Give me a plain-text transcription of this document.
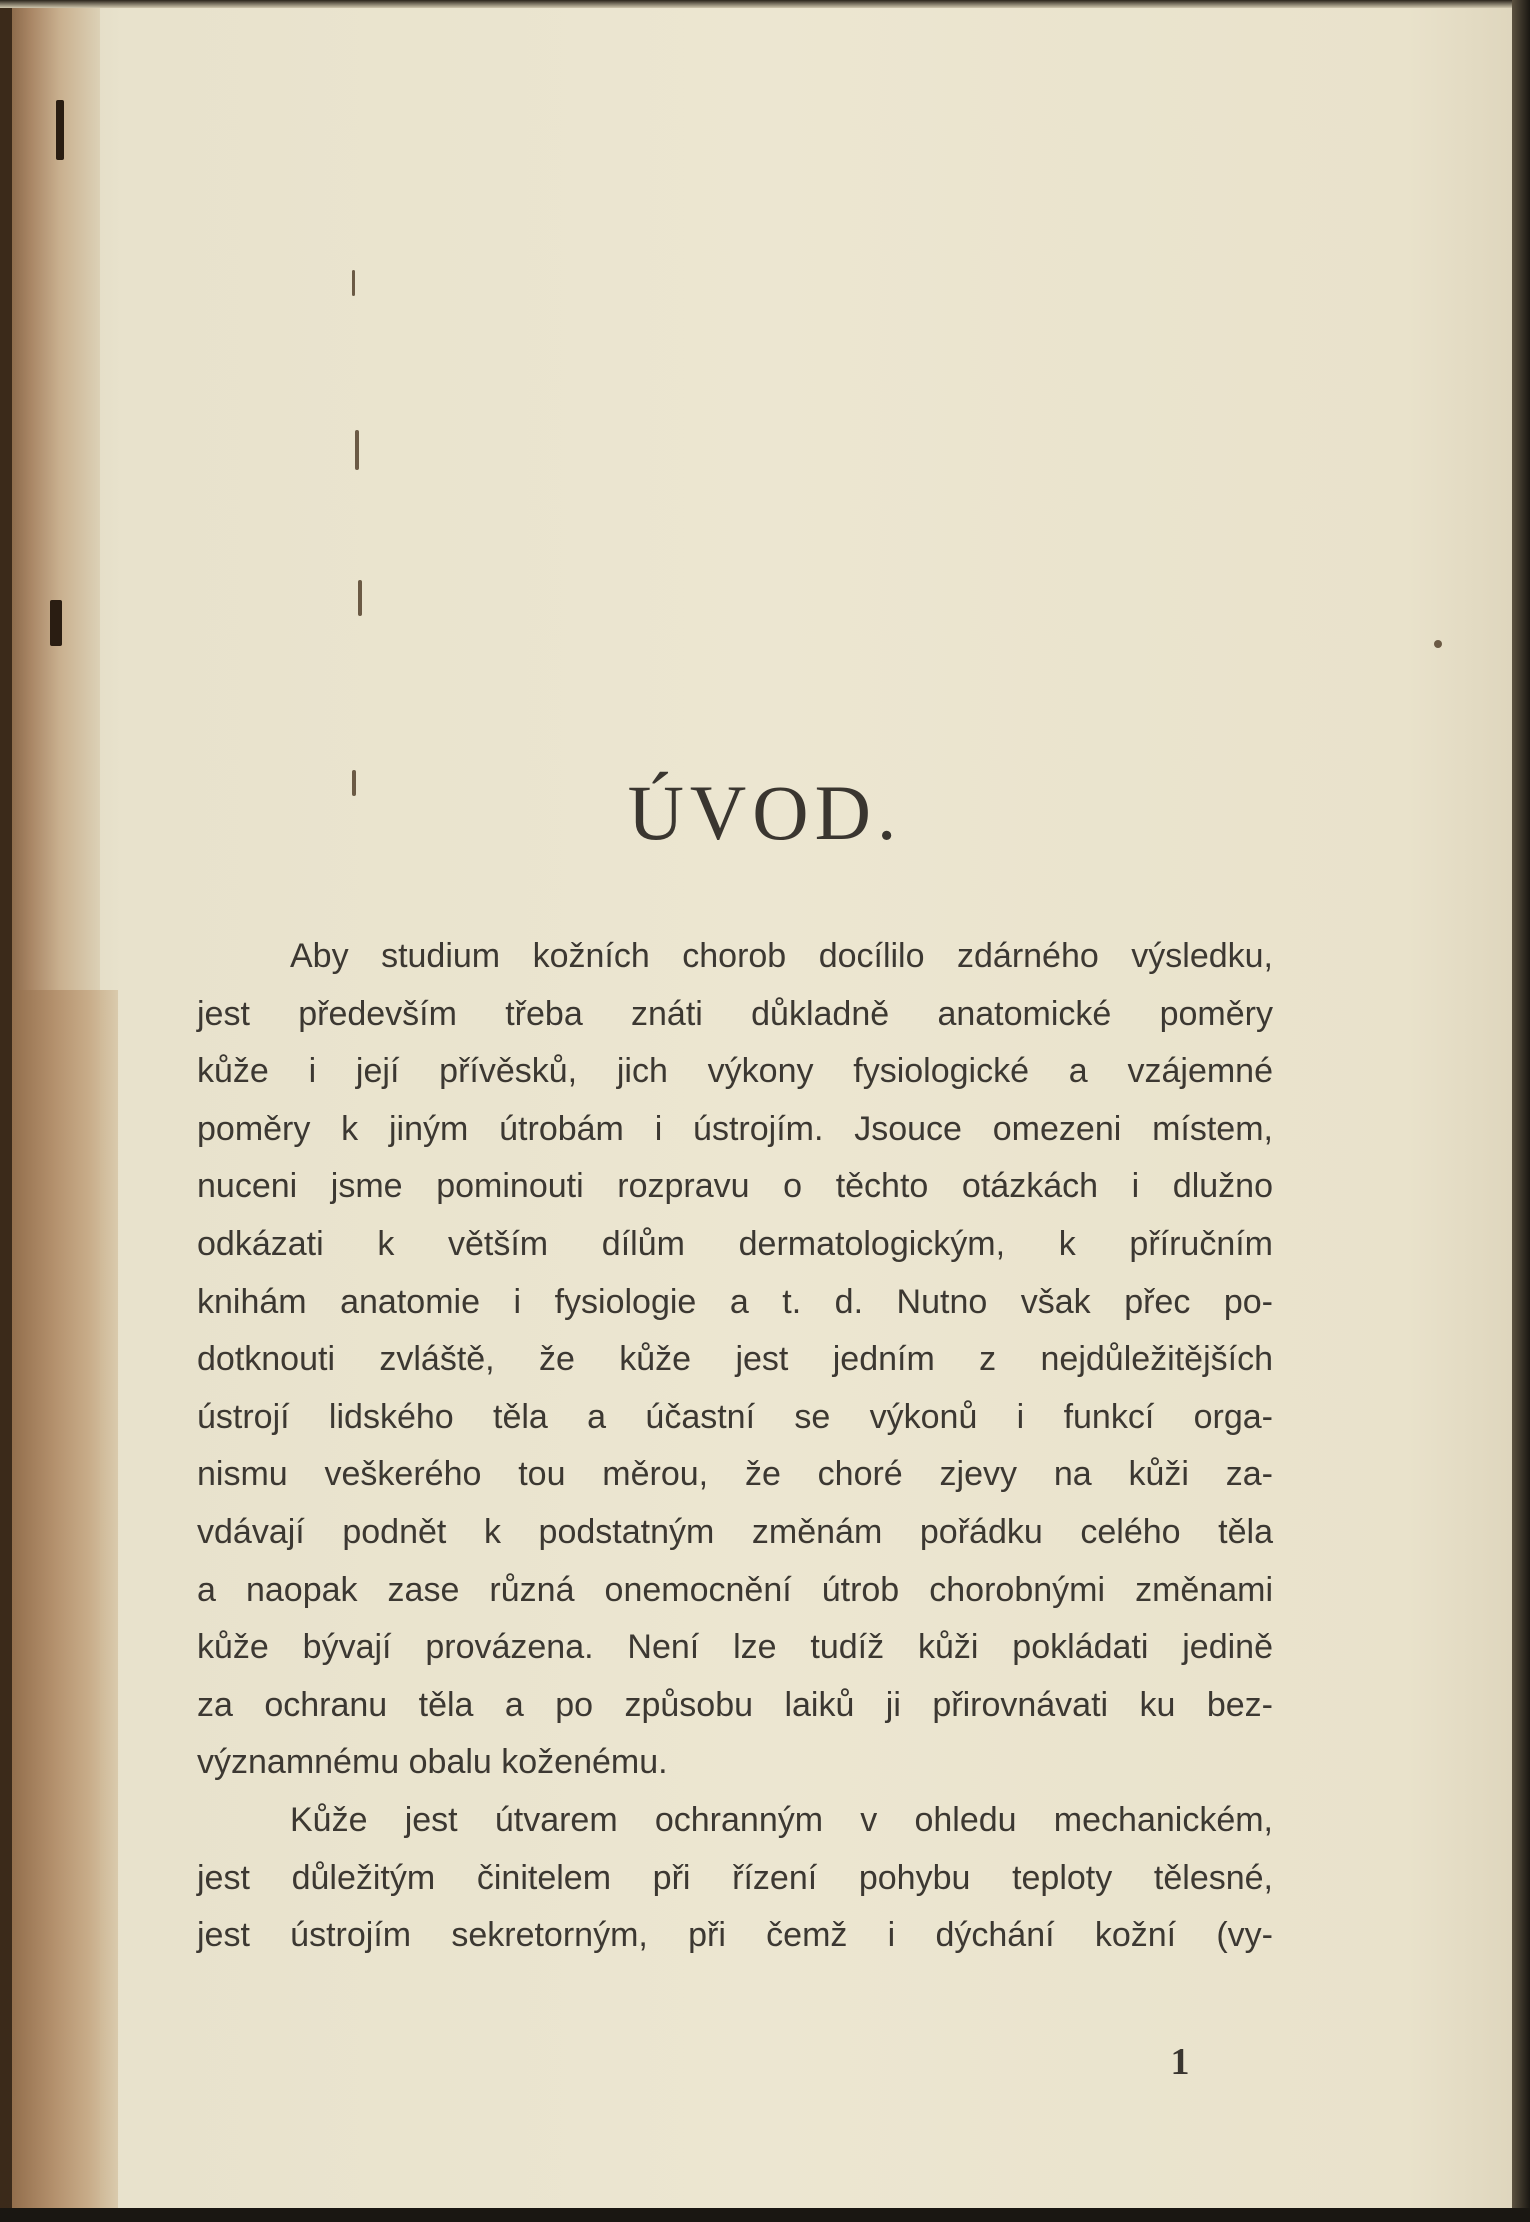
ÚVOD.
Aby studium kožních chorob docílilo zdárného výsledku,
jest především třeba znáti důkladně anatomické poměry
kůže i její přívěsků, jich výkony fysiologické a vzájemné
poměry k jiným útrobám i ústrojím. Jsouce omezeni místem,
nuceni jsme pominouti rozpravu o těchto otázkách i dlužno
odkázati k větším dílům dermatologickým, k příručním
knihám anatomie i fysiologie a t. d. Nutno však přec po-
dotknouti zvláště, že kůže jest jedním z nejdůležitějších
ústrojí lidského těla a účastní se výkonů i funkcí orga-
nismu veškerého tou měrou, že choré zjevy na kůži za-
vdávají podnět k podstatným změnám pořádku celého těla
a naopak zase různá onemocnění útrob chorobnými změnami
kůže bývají provázena. Není lze tudíž kůži pokládati jedině
za ochranu těla a po způsobu laiků ji přirovnávati ku bez-
významnému obalu koženému.
Kůže jest útvarem ochranným v ohledu mechanickém,
jest důležitým činitelem při řízení pohybu teploty tělesné,
jest ústrojím sekretorným, při čemž i dýchání kožní (vy-
1
